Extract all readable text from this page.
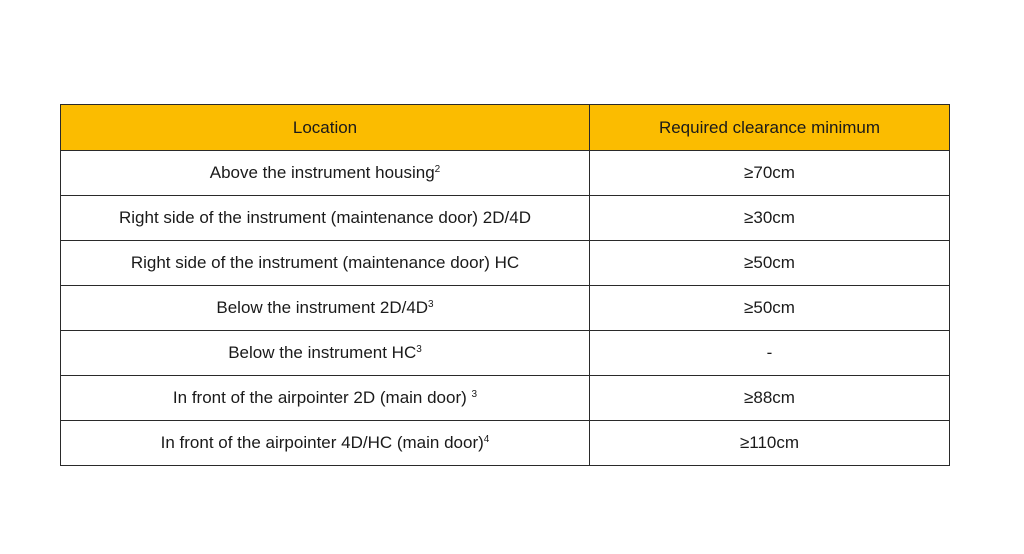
Location	Required clearance minimum
Above the instrument housing$^2$	≥70cm
Right side of the instrument (maintenance door) 2D/4D	≥30cm
Right side of the instrument (maintenance door) HC	≥50cm
Below the instrument $2D/4D^3$	≥50cm
Below the instrument $HC^3$	-
In front of the airpointer 2D (main door) $^3$	≥88cm
In front of the airpointer 4D/HC (main door)$^4$	≥110cm
